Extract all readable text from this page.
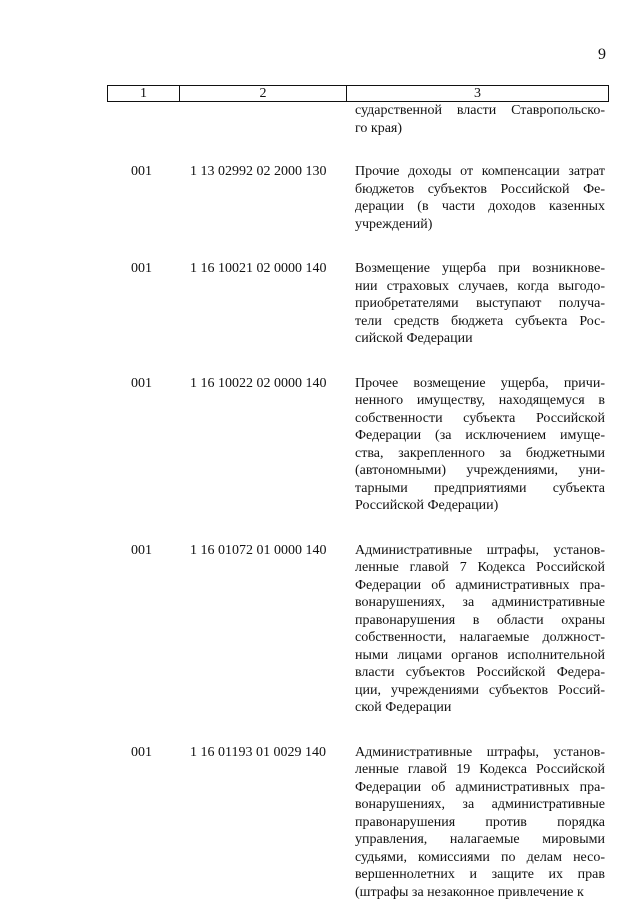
9
1	2	3
сударственной власти Ставропольско-
го края)
001	1 13 02992 02 2000 130	Прочие доходы от компенсации затрат
бюджетов субъектов Российской Фе-
дерации (в части доходов казенных
учреждений)
001	1 16 10021 02 0000 140	Возмещение ущерба при возникнове-
нии страховых случаев, когда выгодо-
приобретателями выступают получа-
тели средств бюджета субъекта Рос-
сийской Федерации
001	1 16 10022 02 0000 140	Прочее возмещение ущерба, причи-
ненного имуществу, находящемуся в
собственности субъекта Российской
Федерации (за исключением имуще-
ства, закрепленного за бюджетными
(автономными) учреждениями, уни-
тарными предприятиями субъекта
Российской Федерации)
001	1 16 01072 01 0000 140	Административные штрафы, установ-
ленные главой 7 Кодекса Российской
Федерации об административных пра-
вонарушениях, за административные
правонарушения в области охраны
собственности, налагаемые должност-
ными лицами органов исполнительной
власти субъектов Российской Федера-
ции, учреждениями субъектов Россий-
ской Федерации
001	1 16 01193 01 0029 140	Административные штрафы, установ-
ленные главой 19 Кодекса Российской
Федерации об административных пра-
вонарушениях, за административные
правонарушения против порядка
управления, налагаемые мировыми
судьями, комиссиями по делам несо-
вершеннолетних и защите их прав
(штрафы за незаконное привлечение к
